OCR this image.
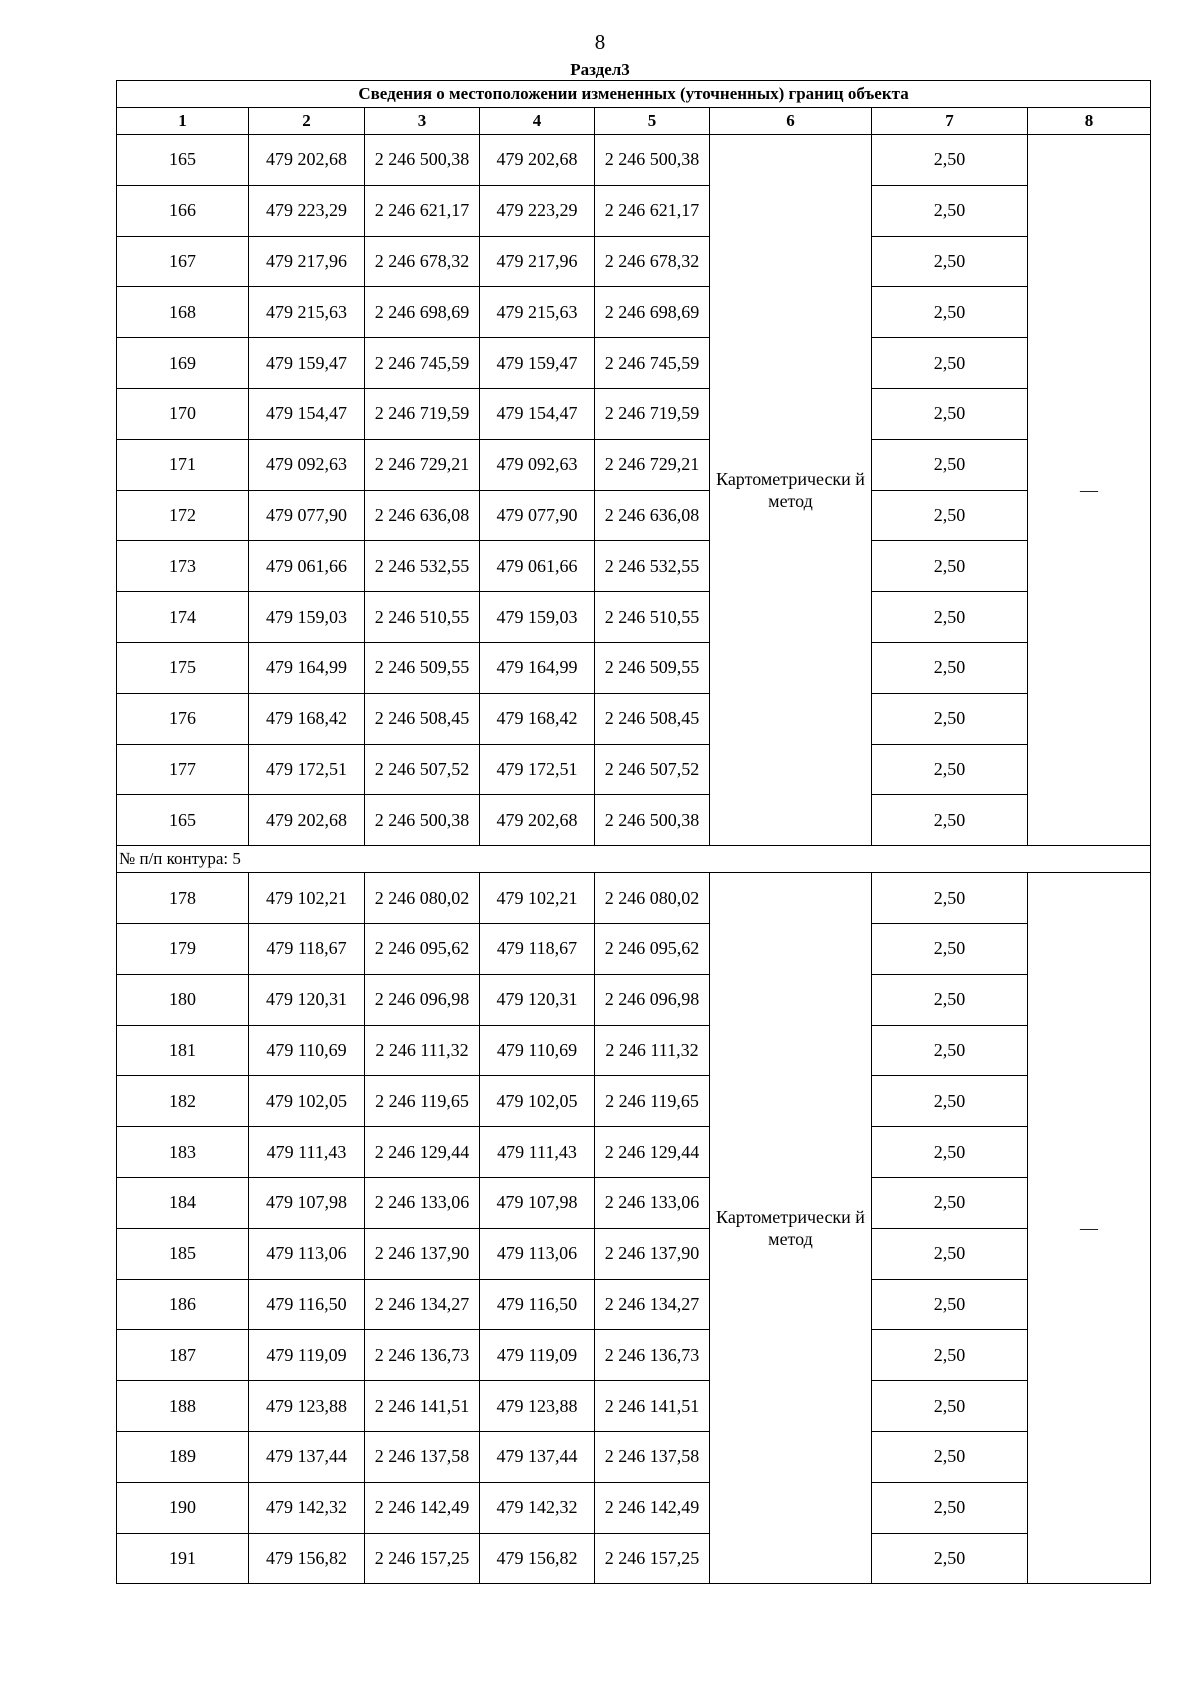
8
Раздел3
Сведения о местоположении измененных (уточненных) границ объекта							
1	2	3	4	5	6	7	8
165	479 202,68	2 246 500,38	479 202,68	2 246 500,38	Картометрически й метод	2,50	—
166	479 223,29	2 246 621,17	479 223,29	2 246 621,17		2,50	
167	479 217,96	2 246 678,32	479 217,96	2 246 678,32		2,50	
168	479 215,63	2 246 698,69	479 215,63	2 246 698,69		2,50	
169	479 159,47	2 246 745,59	479 159,47	2 246 745,59		2,50	
170	479 154,47	2 246 719,59	479 154,47	2 246 719,59		2,50	
171	479 092,63	2 246 729,21	479 092,63	2 246 729,21		2,50	
172	479 077,90	2 246 636,08	479 077,90	2 246 636,08		2,50	
173	479 061,66	2 246 532,55	479 061,66	2 246 532,55		2,50	
174	479 159,03	2 246 510,55	479 159,03	2 246 510,55		2,50	
175	479 164,99	2 246 509,55	479 164,99	2 246 509,55		2,50	
176	479 168,42	2 246 508,45	479 168,42	2 246 508,45		2,50	
177	479 172,51	2 246 507,52	479 172,51	2 246 507,52		2,50	
165	479 202,68	2 246 500,38	479 202,68	2 246 500,38		2,50	
№ п/п контура: 5							
178	479 102,21	2 246 080,02	479 102,21	2 246 080,02	Картометрически й метод	2,50	—
179	479 118,67	2 246 095,62	479 118,67	2 246 095,62		2,50	
180	479 120,31	2 246 096,98	479 120,31	2 246 096,98		2,50	
181	479 110,69	2 246 111,32	479 110,69	2 246 111,32		2,50	
182	479 102,05	2 246 119,65	479 102,05	2 246 119,65		2,50	
183	479 111,43	2 246 129,44	479 111,43	2 246 129,44		2,50	
184	479 107,98	2 246 133,06	479 107,98	2 246 133,06		2,50	
185	479 113,06	2 246 137,90	479 113,06	2 246 137,90		2,50	
186	479 116,50	2 246 134,27	479 116,50	2 246 134,27		2,50	
187	479 119,09	2 246 136,73	479 119,09	2 246 136,73		2,50	
188	479 123,88	2 246 141,51	479 123,88	2 246 141,51		2,50	
189	479 137,44	2 246 137,58	479 137,44	2 246 137,58		2,50	
190	479 142,32	2 246 142,49	479 142,32	2 246 142,49		2,50	
191	479 156,82	2 246 157,25	479 156,82	2 246 157,25		2,50	
